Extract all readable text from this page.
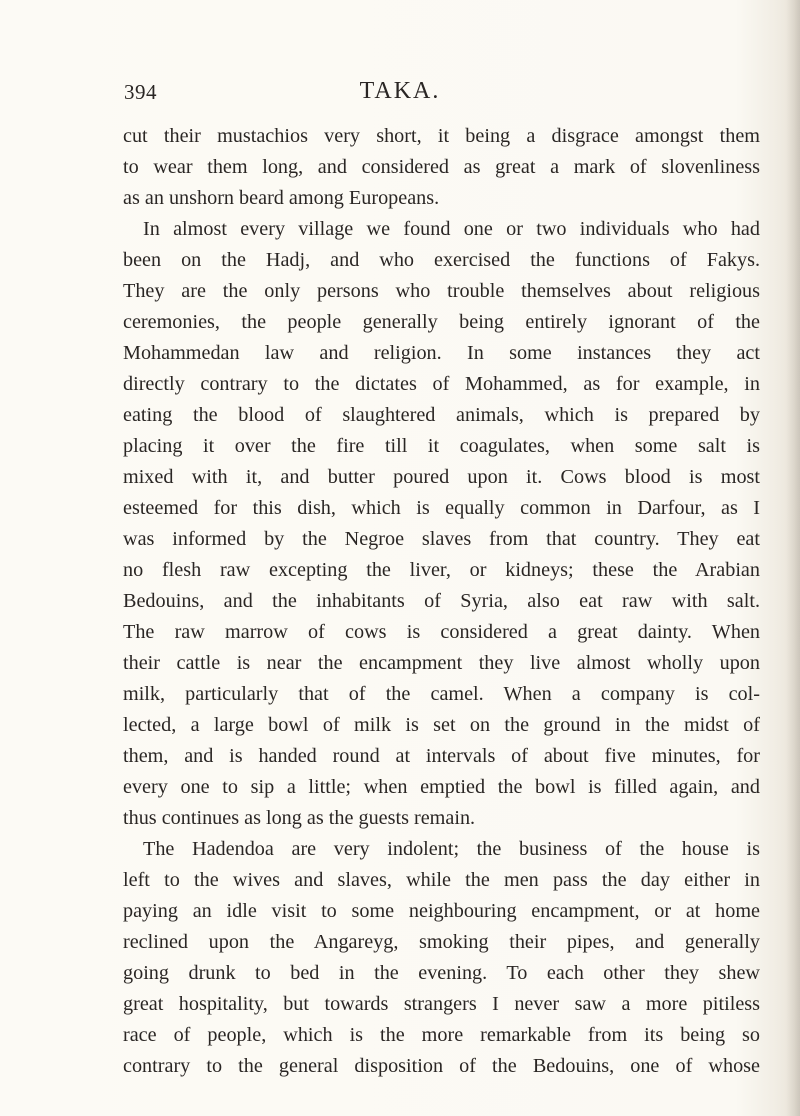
394	TAKA.
cut their mustachios very short, it being a disgrace amongst them
to wear them long, and considered as great a mark of slovenliness
as an unshorn beard among Europeans.
In almost every village we found one or two individuals who had
been on the Hadj, and who exercised the functions of Fakys.
They are the only persons who trouble themselves about religious
ceremonies, the people generally being entirely ignorant of the
Mohammedan law and religion. In some instances they act
directly contrary to the dictates of Mohammed, as for example, in
eating the blood of slaughtered animals, which is prepared by
placing it over the fire till it coagulates, when some salt is
mixed with it, and butter poured upon it. Cows blood is most
esteemed for this dish, which is equally common in Darfour, as I
was informed by the Negroe slaves from that country. They eat
no flesh raw excepting the liver, or kidneys; these the Arabian
Bedouins, and the inhabitants of Syria, also eat raw with salt.
The raw marrow of cows is considered a great dainty. When
their cattle is near the encampment they live almost wholly upon
milk, particularly that of the camel. When a company is col-
lected, a large bowl of milk is set on the ground in the midst of
them, and is handed round at intervals of about five minutes, for
every one to sip a little; when emptied the bowl is filled again, and
thus continues as long as the guests remain.
The Hadendoa are very indolent; the business of the house is
left to the wives and slaves, while the men pass the day either in
paying an idle visit to some neighbouring encampment, or at home
reclined upon the Angareyg, smoking their pipes, and generally
going drunk to bed in the evening. To each other they shew
great hospitality, but towards strangers I never saw a more pitiless
race of people, which is the more remarkable from its being so
contrary to the general disposition of the Bedouins, one of whose
